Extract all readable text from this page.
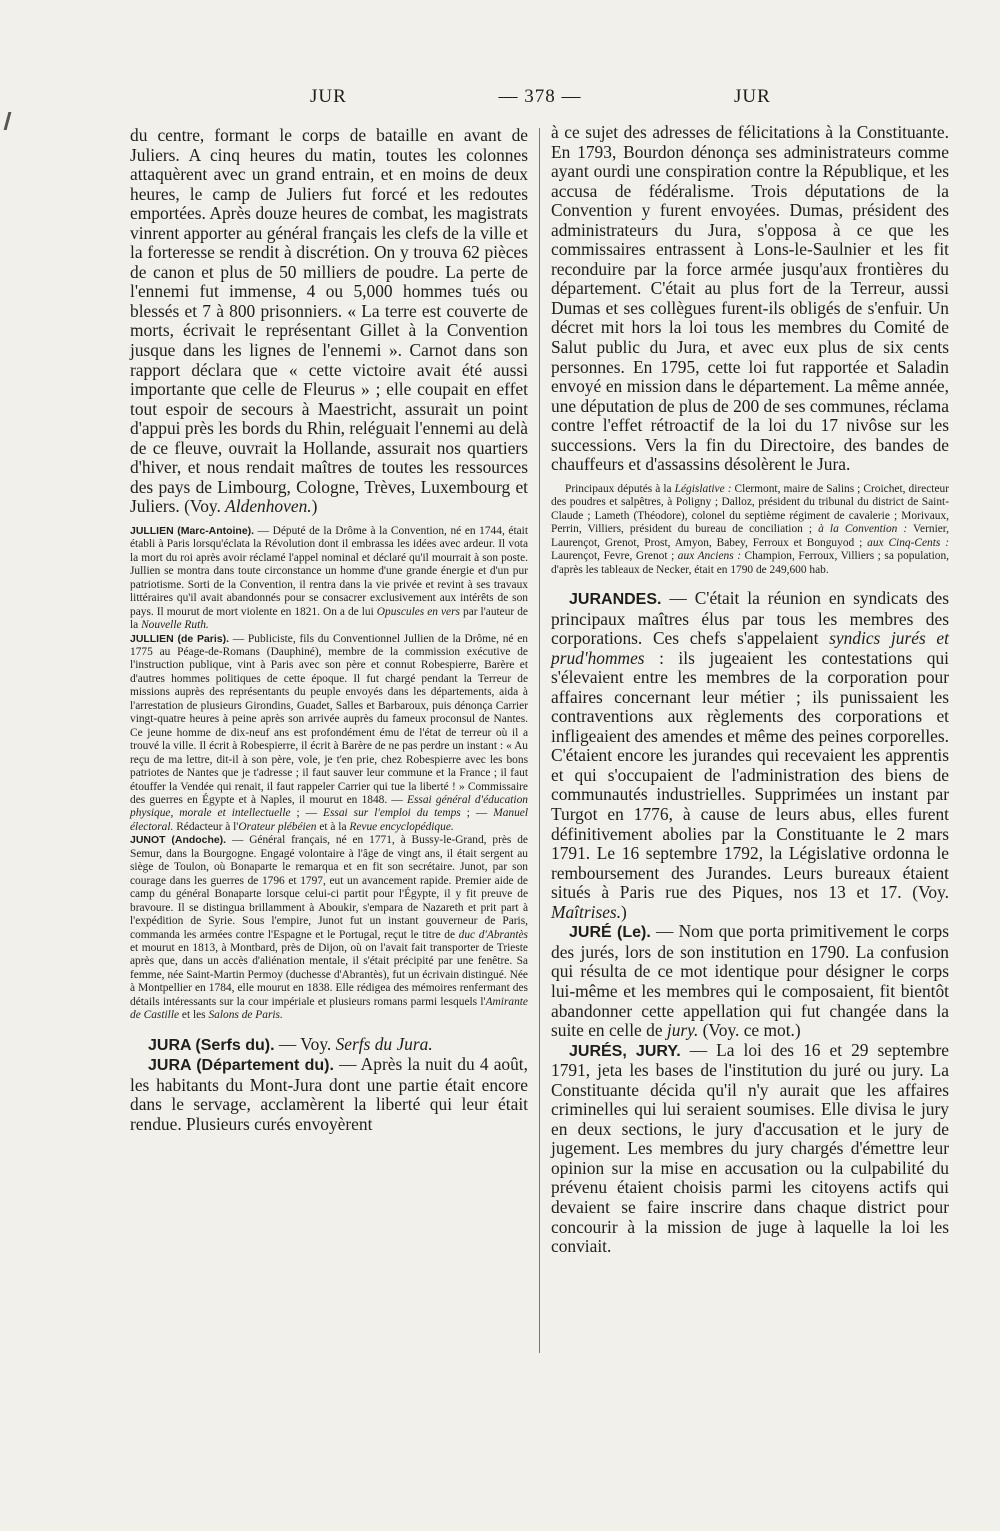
JUR	— 378 —	JUR

du centre, formant le corps de bataille en avant de Juliers. A cinq heures du matin, toutes les colonnes attaquèrent avec un grand entrain, et en moins de deux heures, le camp de Juliers fut forcé et les redoutes emportées. Après douze heures de combat, les magistrats vinrent apporter au général français les clefs de la ville et la forteresse se rendit à discrétion. On y trouva 62 pièces de canon et plus de 50 milliers de poudre. La perte de l'ennemi fut immense, 4 ou 5,000 hommes tués ou blessés et 7 à 800 prisonniers. « La terre est couverte de morts, écrivait le représentant Gillet à la Convention jusque dans les lignes de l'ennemi ». Carnot dans son rapport déclara que « cette victoire avait été aussi importante que celle de Fleurus » ; elle coupait en effet tout espoir de secours à Maestricht, assurait un point d'appui près les bords du Rhin, reléguait l'ennemi au delà de ce fleuve, ouvrait la Hollande, assurait nos quartiers d'hiver, et nous rendait maîtres de toutes les ressources des pays de Limbourg, Cologne, Trèves, Luxembourg et Juliers. (Voy. Aldenhoven.)

JULLIEN (Marc-Antoine). — Député de la Drôme à la Convention, né en 1744, était établi à Paris lorsqu'éclata la Révolution dont il embrassa les idées avec ardeur. Il vota la mort du roi après avoir réclamé l'appel nominal et déclaré qu'il mourrait à son poste. Jullien se montra dans toute circonstance un homme d'une grande énergie et d'un pur patriotisme. Sorti de la Convention, il rentra dans la vie privée et revint à ses travaux littéraires qu'il avait abandonnés pour se consacrer exclusivement aux intérêts de son pays. Il mourut de mort violente en 1821. On a de lui Opuscules en vers par l'auteur de la Nouvelle Ruth.

JULLIEN (de Paris). — Publiciste, fils du Conventionnel Jullien de la Drôme, né en 1775 au Péage-de-Romans (Dauphiné), membre de la commission exécutive de l'instruction publique, vint à Paris avec son père et connut Robespierre, Barère et d'autres hommes politiques de cette époque. Il fut chargé pendant la Terreur de missions auprès des représentants du peuple envoyés dans les départements, aida à l'arrestation de plusieurs Girondins, Guadet, Salles et Barbaroux, puis dénonça Carrier vingt-quatre heures à peine après son arrivée auprès du fameux proconsul de Nantes. Ce jeune homme de dix-neuf ans est profondément ému de l'état de terreur où il a trouvé la ville. Il écrit à Robespierre, il écrit à Barère de ne pas perdre un instant : « Au reçu de ma lettre, dit-il à son père, vole, je t'en prie, chez Robespierre avec les bons patriotes de Nantes que je t'adresse ; il faut sauver leur commune et la France ; il faut étouffer la Vendée qui renait, il faut rappeler Carrier qui tue la liberté ! » Commissaire des guerres en Égypte et à Naples, il mourut en 1848. — Essai général d'éducation physique, morale et intellectuelle ; — Essai sur l'emploi du temps ; — Manuel électoral. Rédacteur à l'Orateur plébéien et à la Revue encyclopédique.

JUNOT (Andoche). — Général français, né en 1771, à Bussy-le-Grand, près de Semur, dans la Bourgogne. Engagé volontaire à l'âge de vingt ans, il était sergent au siège de Toulon, où Bonaparte le remarqua et en fit son secrétaire. Junot, par son courage dans les guerres de 1796 et 1797, eut un avancement rapide. Premier aide de camp du général Bonaparte lorsque celui-ci partit pour l'Égypte, il y fit preuve de bravoure. Il se distingua brillamment à Aboukir, s'empara de Nazareth et prit part à l'expédition de Syrie. Sous l'empire, Junot fut un instant gouverneur de Paris, commanda les armées contre l'Espagne et le Portugal, reçut le titre de duc d'Abrantès et mourut en 1813, à Montbard, près de Dijon, où on l'avait fait transporter de Trieste après que, dans un accès d'aliénation mentale, il s'était précipité par une fenêtre. Sa femme, née Saint-Martin Permoy (duchesse d'Abrantès), fut un écrivain distingué. Née à Montpellier en 1784, elle mourut en 1838. Elle rédigea des mémoires renfermant des détails intéressants sur la cour impériale et plusieurs romans parmi lesquels l'Amirante de Castille et les Salons de Paris.

JURA (Serfs du). — Voy. Serfs du Jura.

JURA (Département du). — Après la nuit du 4 août, les habitants du Mont-Jura dont une partie était encore dans le servage, acclamèrent la liberté qui leur était rendue. Plusieurs curés envoyèrent

à ce sujet des adresses de félicitations à la Constituante. En 1793, Bourdon dénonça ses administrateurs comme ayant ourdi une conspiration contre la République, et les accusa de fédéralisme. Trois députations de la Convention y furent envoyées. Dumas, président des administrateurs du Jura, s'opposa à ce que les commissaires entrassent à Lons-le-Saulnier et les fit reconduire par la force armée jusqu'aux frontières du département. C'était au plus fort de la Terreur, aussi Dumas et ses collègues furent-ils obligés de s'enfuir. Un décret mit hors la loi tous les membres du Comité de Salut public du Jura, et avec eux plus de six cents personnes. En 1795, cette loi fut rapportée et Saladin envoyé en mission dans le département. La même année, une députation de plus de 200 de ses communes, réclama contre l'effet rétroactif de la loi du 17 nivôse sur les successions. Vers la fin du Directoire, des bandes de chauffeurs et d'assassins désolèrent le Jura.

Principaux députés à la Législative : Clermont, maire de Salins ; Croichet, directeur des poudres et salpêtres, à Poligny ; Dalloz, président du tribunal du district de Saint-Claude ; Lameth (Théodore), colonel du septième régiment de cavalerie ; Morivaux, Perrin, Villiers, président du bureau de conciliation ; à la Convention : Vernier, Laurençot, Grenot, Prost, Amyon, Babey, Ferroux et Bonguyod ; aux Cinq-Cents : Laurençot, Fevre, Grenot ; aux Anciens : Champion, Ferroux, Villiers ; sa population, d'après les tableaux de Necker, était en 1790 de 249,600 hab.

JURANDES. — C'était la réunion en syndicats des principaux maîtres élus par tous les membres des corporations. Ces chefs s'appelaient syndics jurés et prud'hommes : ils jugeaient les contestations qui s'élevaient entre les membres de la corporation pour affaires concernant leur métier ; ils punissaient les contraventions aux règlements des corporations et infligeaient des amendes et même des peines corporelles. C'étaient encore les jurandes qui recevaient les apprentis et qui s'occupaient de l'administration des biens de communautés industrielles. Supprimées un instant par Turgot en 1776, à cause de leurs abus, elles furent définitivement abolies par la Constituante le 2 mars 1791. Le 16 septembre 1792, la Législative ordonna le remboursement des Jurandes. Leurs bureaux étaient situés à Paris rue des Piques, nos 13 et 17. (Voy. Maîtrises.)

JURÉ (Le). — Nom que porta primitivement le corps des jurés, lors de son institution en 1790. La confusion qui résulta de ce mot identique pour désigner le corps lui-même et les membres qui le composaient, fit bientôt abandonner cette appellation qui fut changée dans la suite en celle de jury. (Voy. ce mot.)

JURÉS, JURY. — La loi des 16 et 29 septembre 1791, jeta les bases de l'institution du juré ou jury. La Constituante décida qu'il n'y aurait que les affaires criminelles qui lui seraient soumises. Elle divisa le jury en deux sections, le jury d'accusation et le jury de jugement. Les membres du jury chargés d'émettre leur opinion sur la mise en accusation ou la culpabilité du prévenu étaient choisis parmi les citoyens actifs qui devaient se faire inscrire dans chaque district pour concourir à la mission de juge à laquelle la loi les conviait.
